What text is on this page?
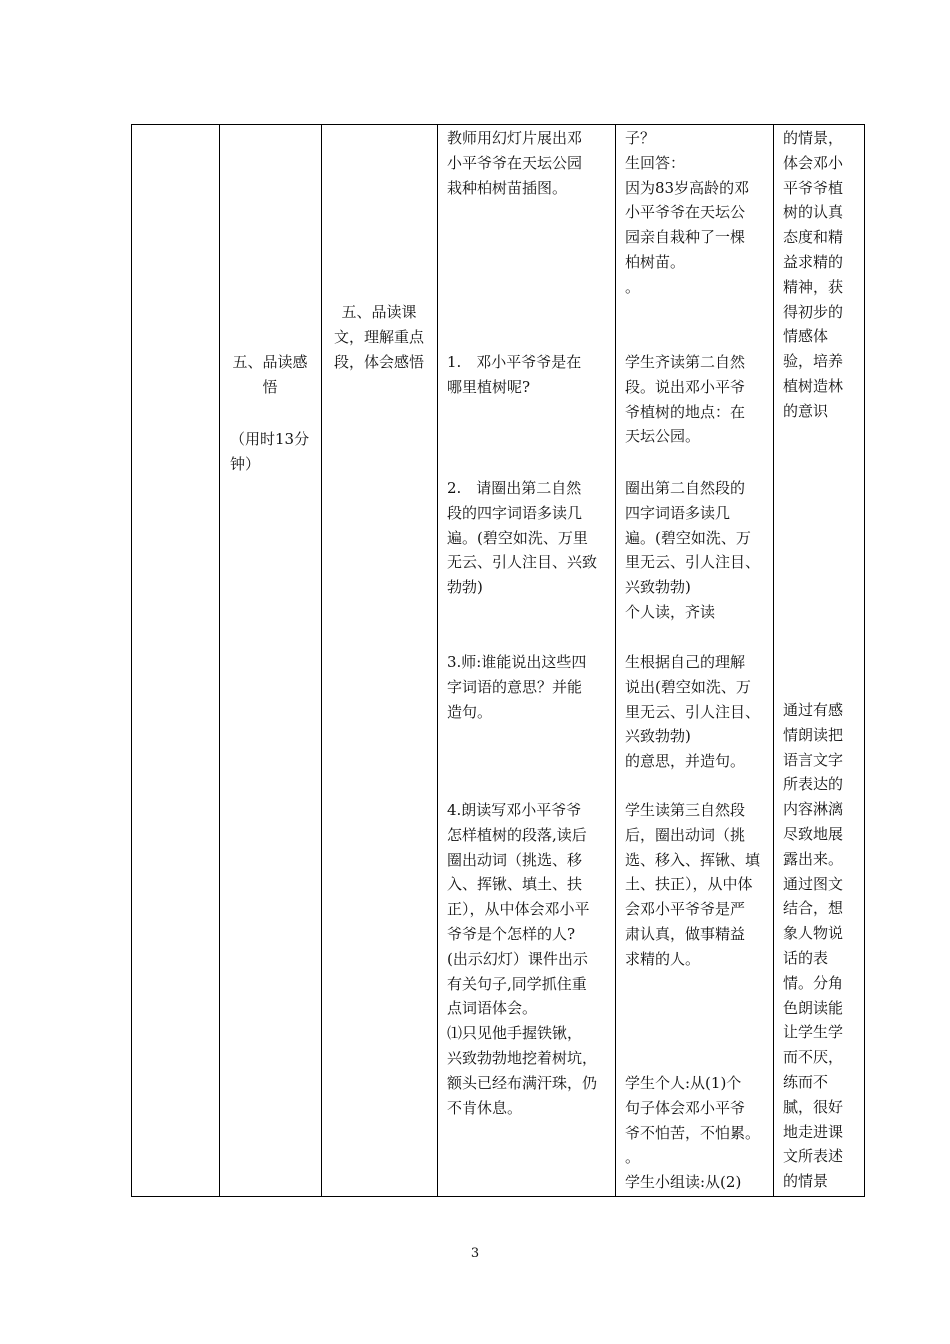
五、品读感
悟
（用时13分
钟）
五、品读课
文，理解重点
段，体会感悟
教师用幻灯片展出邓
小平爷爷在天坛公园
栽种柏树苗插图。
1.　邓小平爷爷是在
哪里植树呢?
2.　请圈出第二自然
段的四字词语多读几
遍。(碧空如洗、万里
无云、引人注目、兴致
勃勃)
3.师:谁能说出这些四
字词语的意思？并能
造句。
4.朗读写邓小平爷爷
怎样植树的段落,读后
圈出动词（挑选、移
入、挥锹、填土、扶
正），从中体会邓小平
爷爷是个怎样的人?
(出示幻灯）课件出示
有关句子,同学抓住重
点词语体会。
⑴只见他手握铁锹，
兴致勃勃地挖着树坑，
额头已经布满汗珠，仍
不肯休息。
子？
生回答：
因为83岁高龄的邓
小平爷爷在天坛公
园亲自栽种了一棵
柏树苗。
。
学生齐读第二自然
段。说出邓小平爷
爷植树的地点：在
天坛公园。
圈出第二自然段的
四字词语多读几
遍。(碧空如洗、万
里无云、引人注目、
兴致勃勃)
个人读，齐读
生根据自己的理解
说出(碧空如洗、万
里无云、引人注目、
兴致勃勃)
的意思，并造句。
学生读第三自然段
后，圈出动词（挑
选、移入、挥锹、填
土、扶正），从中体
会邓小平爷爷是严
肃认真，做事精益
求精的人。
学生个人:从(1)个
句子体会邓小平爷
爷不怕苦，不怕累。
。
学生小组读:从(2)
的情景，
体会邓小
平爷爷植
树的认真
态度和精
益求精的
精神，获
得初步的
情感体
验，培养
植树造林
的意识
通过有感
情朗读把
语言文字
所表达的
内容淋漓
尽致地展
露出来。
通过图文
结合，想
象人物说
话的表
情。分角
色朗读能
让学生学
而不厌，
练而不
腻，很好
地走进课
文所表述
的情景
3
